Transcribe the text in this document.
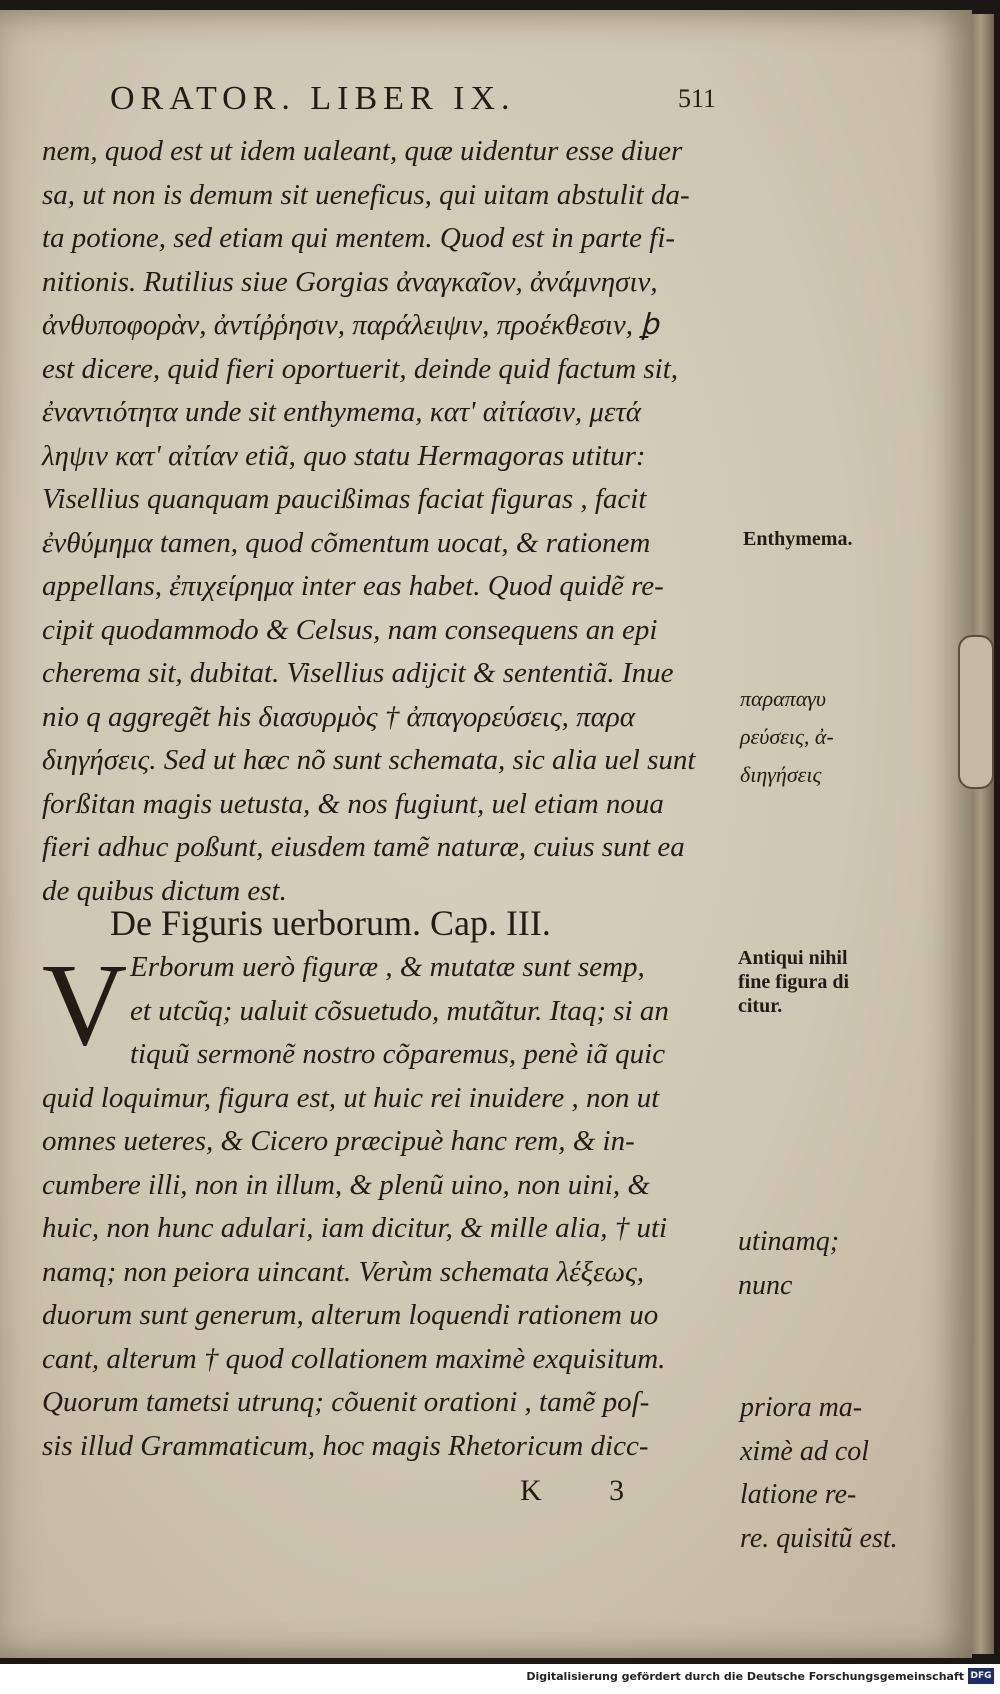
ORATOR. LIBER IX.	511
nem, quod est ut idem ualeant, quæ uidentur esse diuer
sa, ut non is demum sit ueneficus, qui uitam abstulit da-
ta potione, sed etiam qui mentem. Quod est in parte fi-
nitionis. Rutilius siue Gorgias ἀναγκαῖον, ἀνάμνησιν,
ἀνθυποφορὰν, ἀντίῤῥησιν, παράλειψιν, προέκθεσιν, ꝧ
est dicere, quid fieri oportuerit, deinde quid factum sit,
ἐναντιότητα unde sit enthymema, κατ' αἰτίασιν, μετά
ληψιν κατ' αἰτίαν etiã, quo statu Hermagoras utitur:
Visellius quanquam paucißimas faciat figuras , facit
ἐνθύμημα tamen, quod cõmentum uocat, & rationem
appellans, ἐπιχείρημα inter eas habet. Quod quidẽ re-
cipit quodammodo & Celsus, nam consequens an epi
cherema sit, dubitat. Visellius adijcit & sententiã. Inue
nio q aggregẽt his διασυρμὸς † ἀπαγορεύσεις, παρα
διηγήσεις. Sed ut hæc nõ sunt schemata, sic alia uel sunt
forßitan magis uetusta, & nos fugiunt, uel etiam noua
fieri adhuc poßunt, eiusdem tamẽ naturæ, cuius sunt ea
de quibus dictum est.
De Figuris uerborum. Cap. III.
V Erborum uerò figuræ , & mutatæ sunt semp,
et utcũq; ualuit cõsuetudo, mutãtur. Itaq; si an
tiquũ sermonẽ nostro cõparemus, penè iã quic
quid loquimur, figura est, ut huic rei inuidere , non ut
omnes ueteres, & Cicero præcipuè hanc rem, & in-
cumbere illi, non in illum, & plenũ uino, non uini, &
huic, non hunc adulari, iam dicitur, & mille alia, † uti
namq; non peiora uincant. Verùm schemata λέξεως,
duorum sunt generum, alterum loquendi rationem uo
cant, alterum † quod collationem maximè exquisitum.
Quorum tametsi utrunq; cõuenit orationi , tamẽ poſ-
sis illud Grammaticum, hoc magis Rhetoricum dicc-
Enthymema.
παραπαγυ
ρεύσεις, ἀ-
διηγήσεις
Antiqui nihil
fine figura di
citur.
utinamq;
nunc
priora ma-
ximè ad col
latione re-
re. quisitũ est.
K 3
Digitalisierung gefördert durch die Deutsche Forschungsgemeinschaft DFG
